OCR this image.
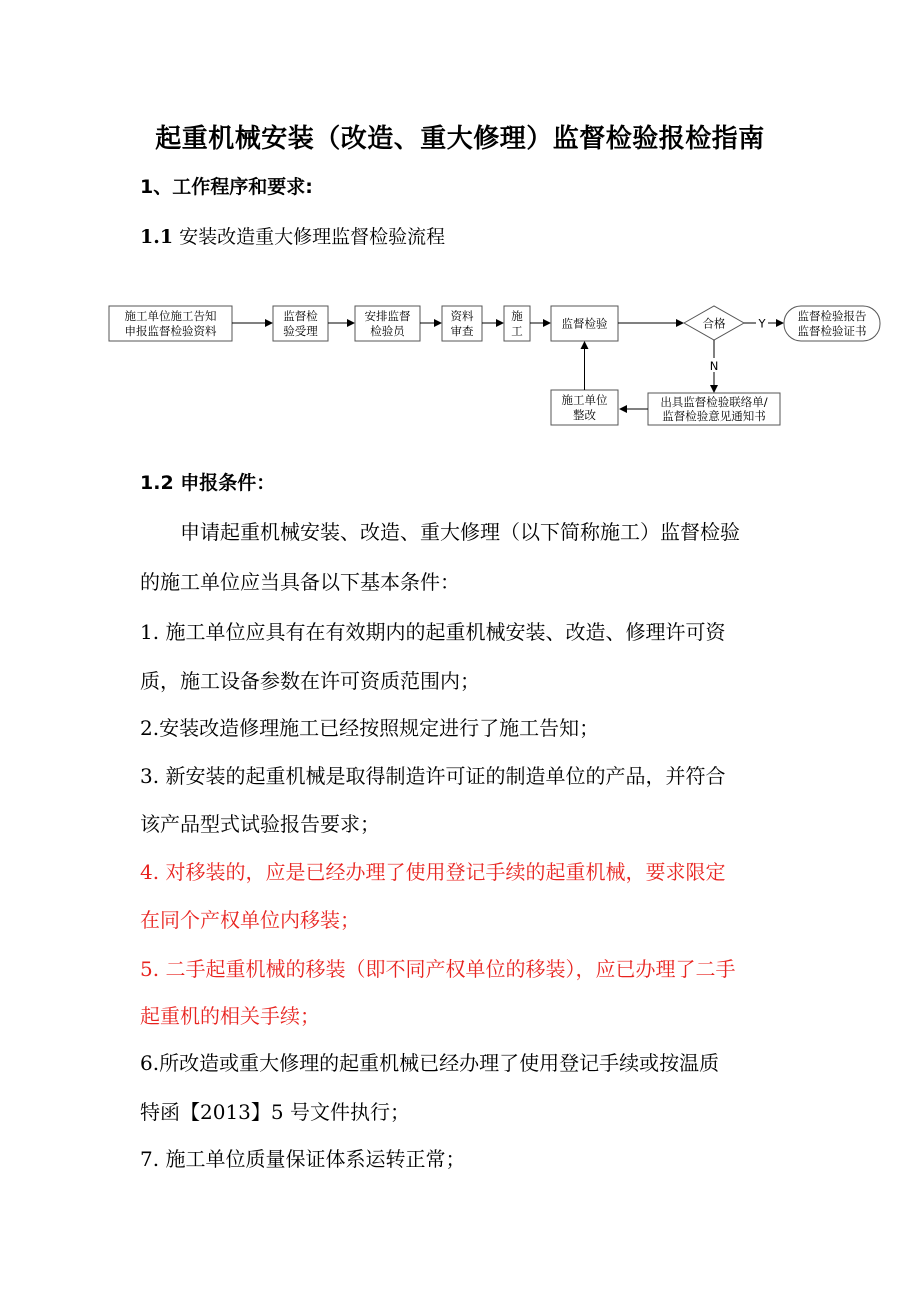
起重机械安装（改造、重大修理）监督检验报检指南
1、工作程序和要求:
1.1 安装改造重大修理监督检验流程
施工单位施工告知
申报监督检验资料
监督检
验受理
安排监督
检验员
资料
审查
施
工
监督检验	合格	Y
监督检验报告
监督检验证书
N
出具监督检验联络单/
监督检验意见通知书
施工单位
整改
1.2 申报条件：
申请起重机械安装、改造、重大修理（以下简称施工）监督检验
的施工单位应当具备以下基本条件：
1. 施工单位应具有在有效期内的起重机械安装、改造、修理许可资
质，施工设备参数在许可资质范围内；
2.安装改造修理施工已经按照规定进行了施工告知；
3. 新安装的起重机械是取得制造许可证的制造单位的产品，并符合
该产品型式试验报告要求；
4. 对移装的，应是已经办理了使用登记手续的起重机械，要求限定
在同个产权单位内移装；
5. 二手起重机械的移装（即不同产权单位的移装），应已办理了二手
起重机的相关手续；
6.所改造或重大修理的起重机械已经办理了使用登记手续或按温质
特函【2013】5 号文件执行；
7. 施工单位质量保证体系运转正常；
